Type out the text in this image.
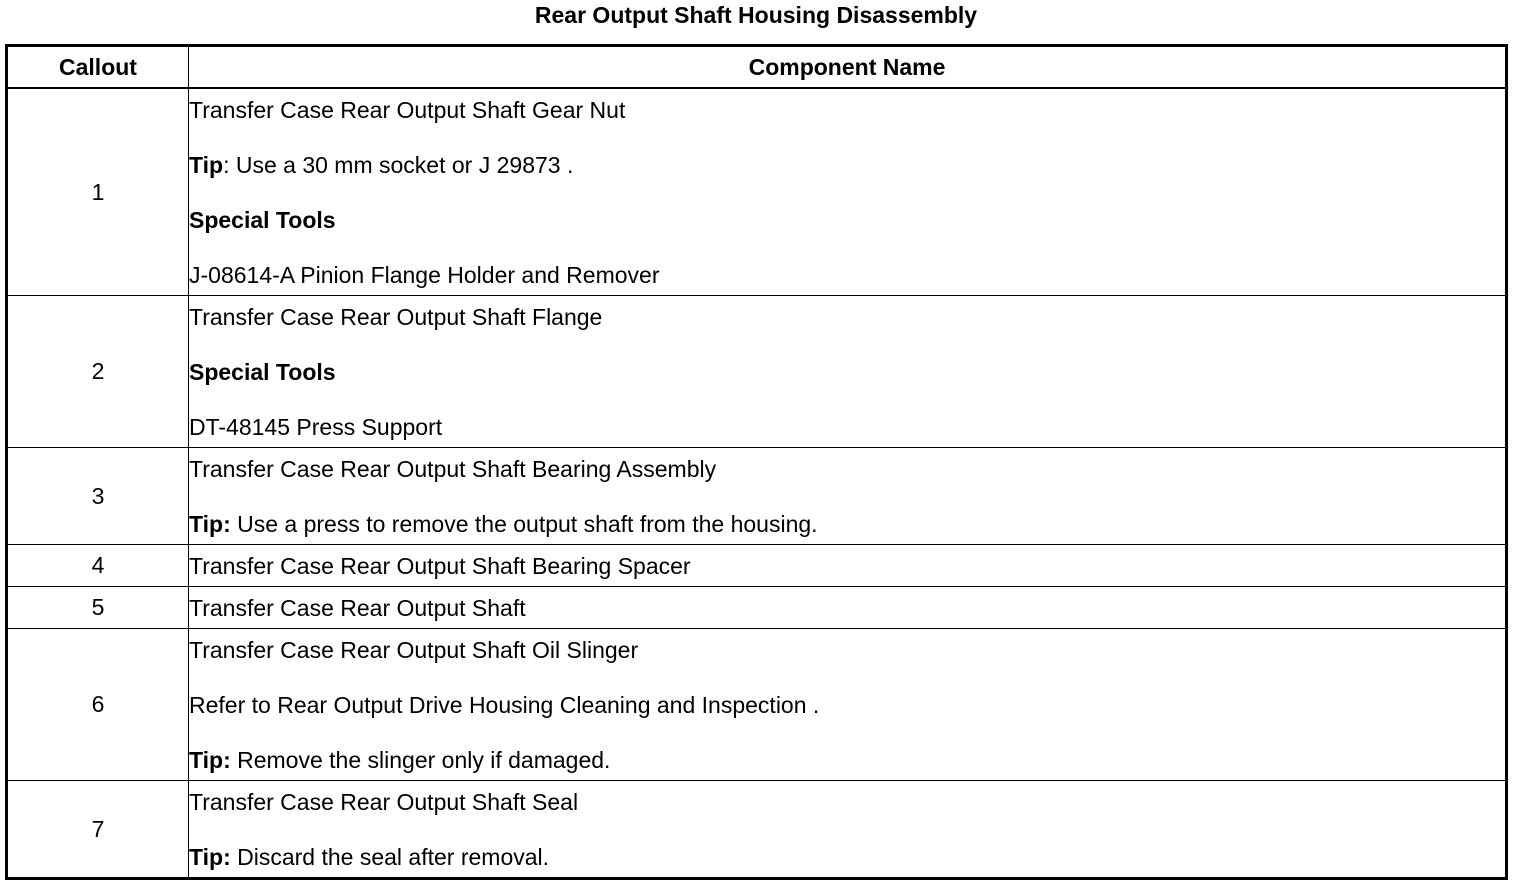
Rear Output Shaft Housing Disassembly
Callout	Component Name
1	Transfer Case Rear Output Shaft Gear Nut
Tip: Use a 30 mm socket or J 29873 .
Special Tools
J-08614-A Pinion Flange Holder and Remover

2	Transfer Case Rear Output Shaft Flange
Special Tools
DT-48145 Press Support

3	Transfer Case Rear Output Shaft Bearing Assembly
Tip: Use a press to remove the output shaft from the housing.

4	Transfer Case Rear Output Shaft Bearing Spacer

5	Transfer Case Rear Output Shaft

6	Transfer Case Rear Output Shaft Oil Slinger
Refer to Rear Output Drive Housing Cleaning and Inspection .
Tip: Remove the slinger only if damaged.

7	Transfer Case Rear Output Shaft Seal
Tip: Discard the seal after removal.
